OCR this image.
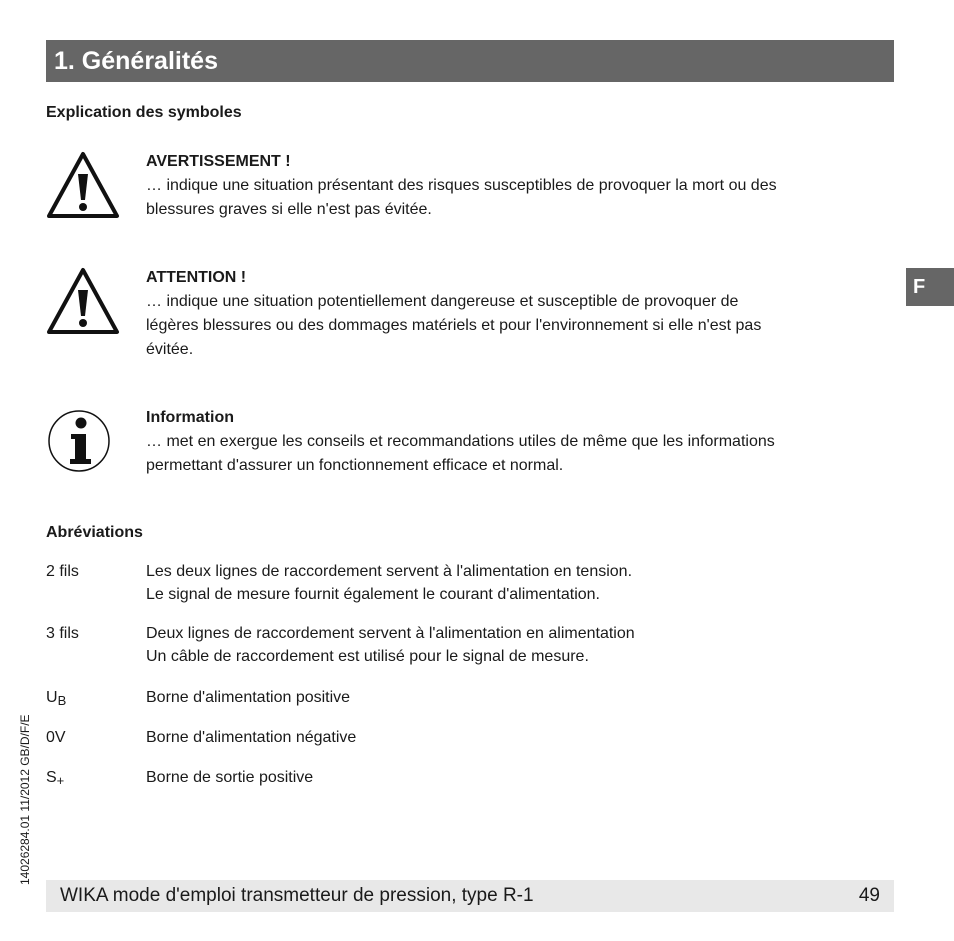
1. Généralités
Explication des symboles
AVERTISSEMENT !
… indique une situation présentant des risques susceptibles de provoquer la mort ou des
blessures graves si elle n'est pas évitée.
ATTENTION !
… indique une situation potentiellement dangereuse et susceptible de provoquer de
légères blessures ou des dommages matériels et pour l'environnement si elle n'est pas
évitée.
Information
… met en exergue les conseils et recommandations utiles de même que les informations
permettant d'assurer un fonctionnement efficace et normal.
Abréviations
2 fils	Les deux lignes de raccordement servent à l'alimentation en tension.
Le signal de mesure fournit également le courant d'alimentation.
3 fils	Deux lignes de raccordement servent à l'alimentation en alimentation
Un câble de raccordement est utilisé pour le signal de mesure.
$U_B$	Borne d'alimentation positive
0V	Borne d'alimentation négative
$S_+$	Borne de sortie positive
F
14026284.01 11/2012 GB/D/F/E
WIKA mode d'emploi transmetteur de pression, type R-1	49
